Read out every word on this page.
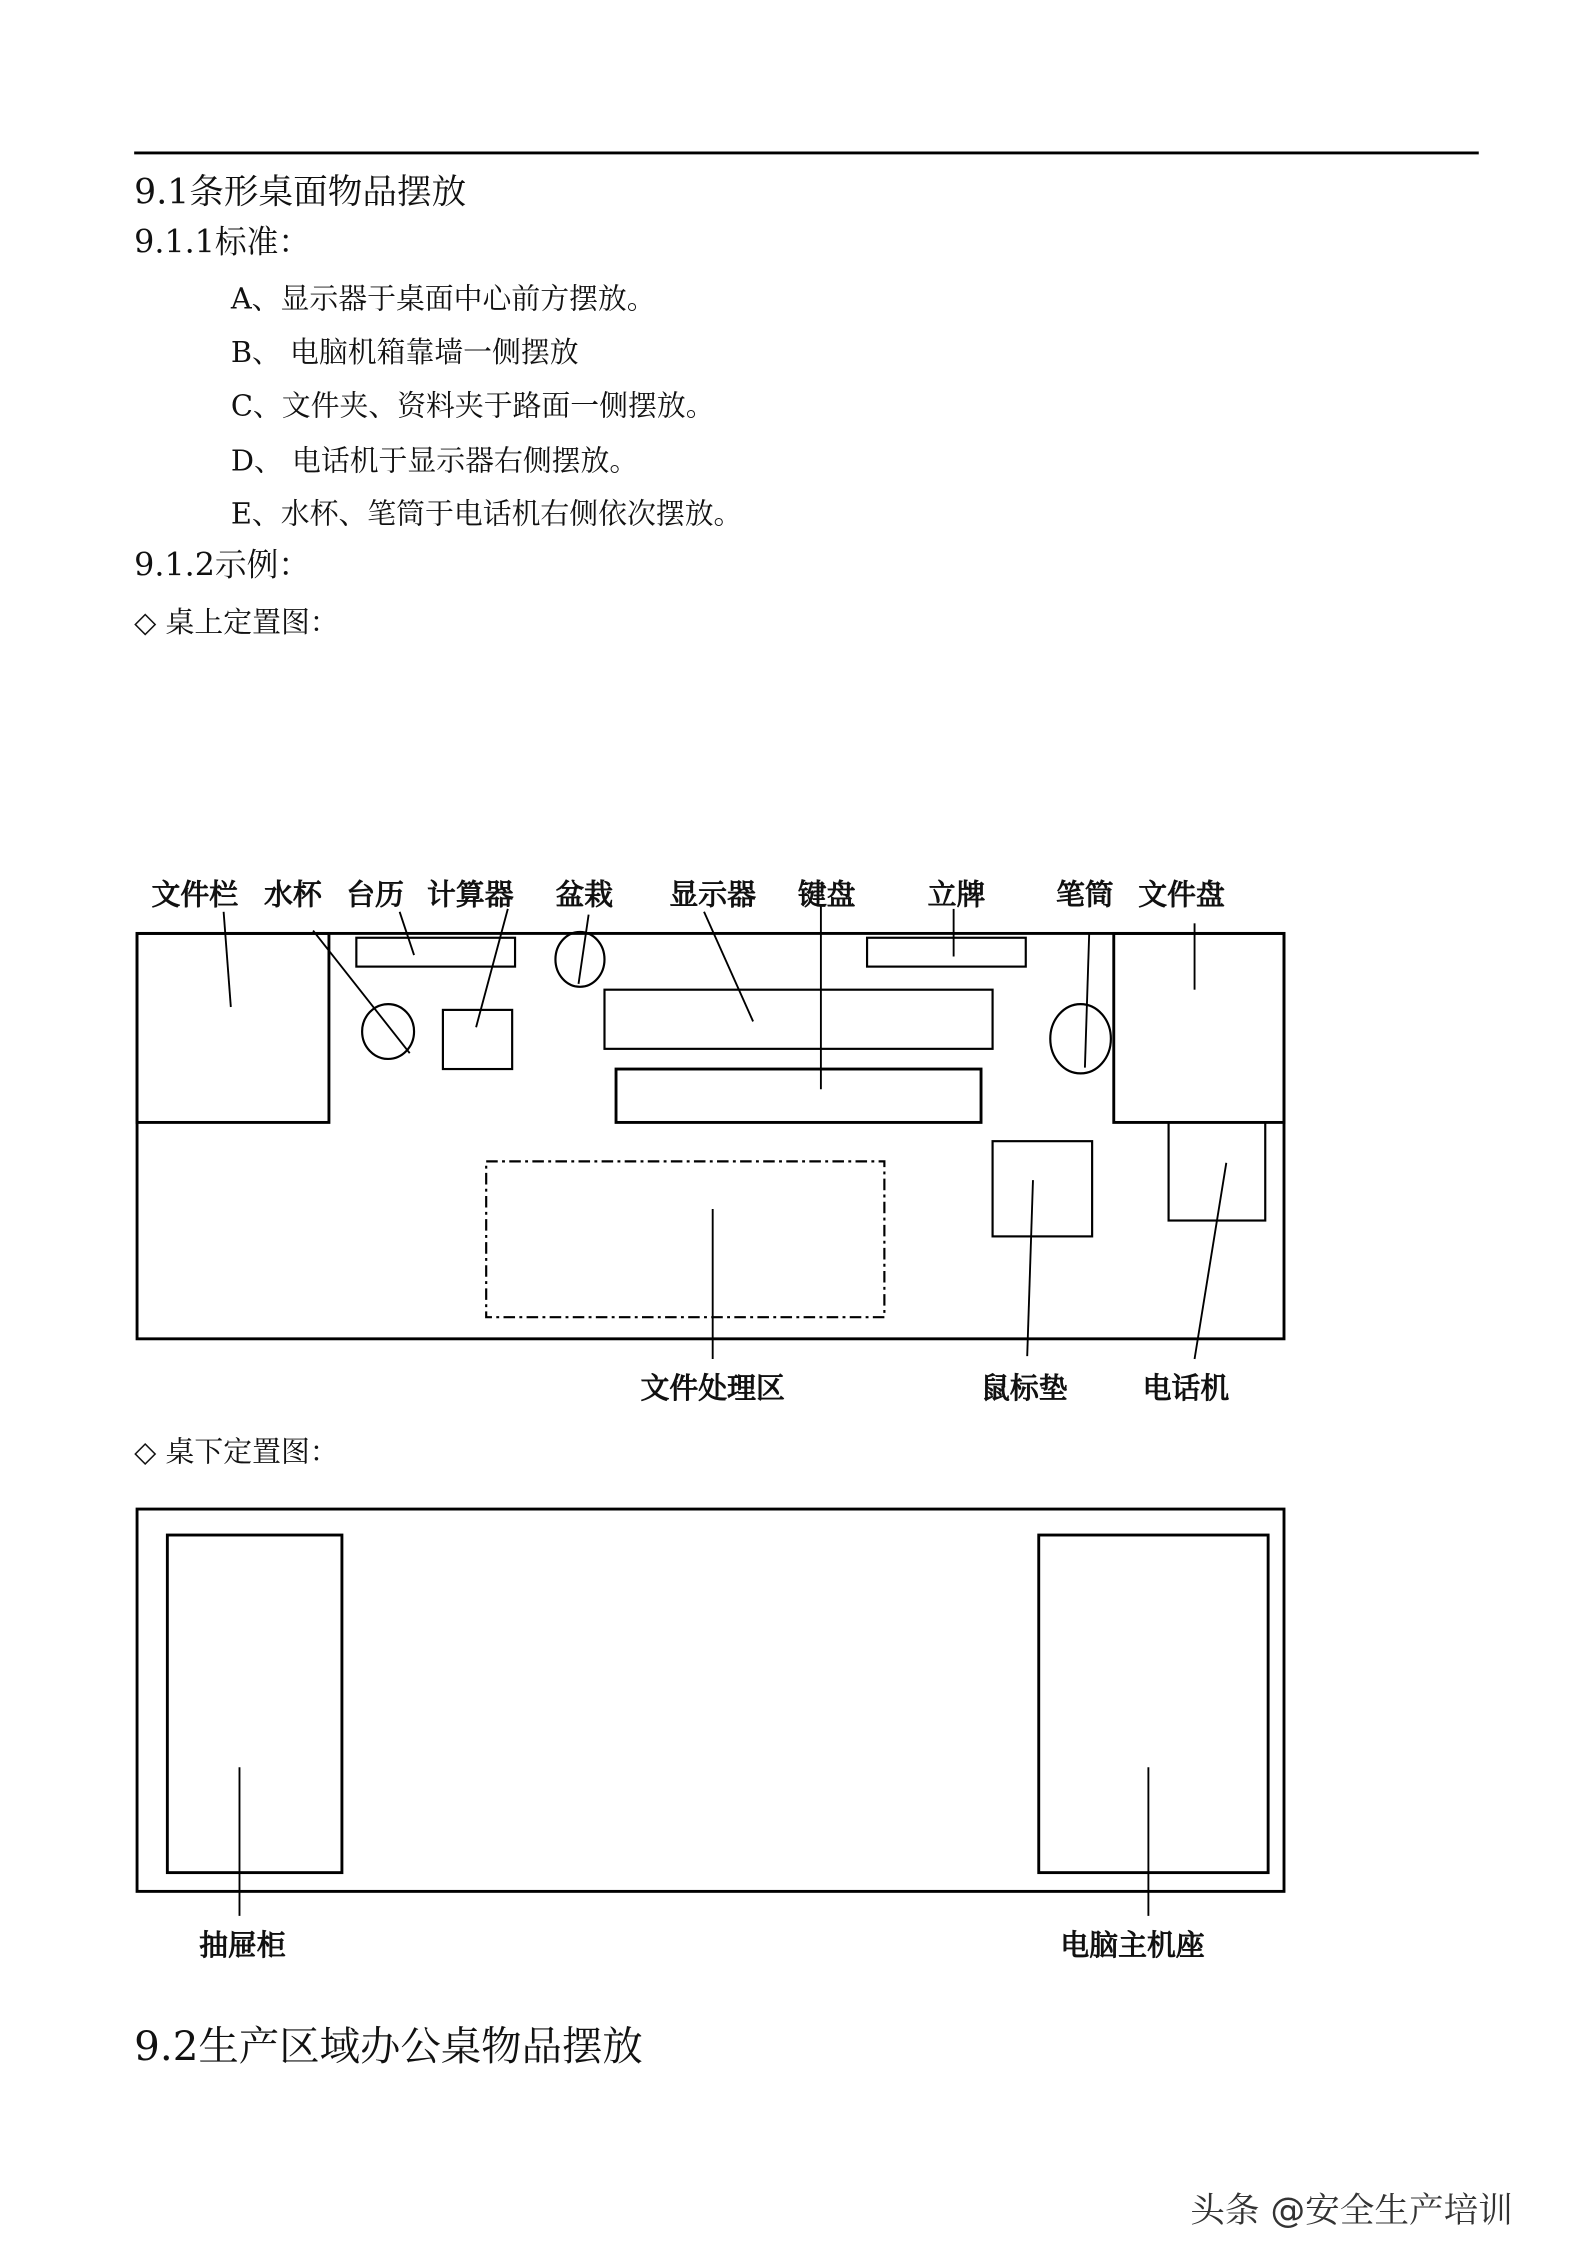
9.1条形桌面物品摆放
9.1.1标准：
A、显示器于桌面中心前方摆放。
B、 电脑机箱靠墙一侧摆放
C、文件夹、资料夹于路面一侧摆放。
D、 电话机于显示器右侧摆放。
E、水杯、笔筒于电话机右侧依次摆放。
9.1.2示例：
◇ 桌上定置图：
文件栏 水杯 台历 计算器 盆栽	显示器 键盘	立牌	笔筒 文件盘
文件处理区	鼠标垫	电话机
◇ 桌下定置图：
抽屉柜	电脑主机座
9.2生产区域办公桌物品摆放
头条 @安全生产培训
